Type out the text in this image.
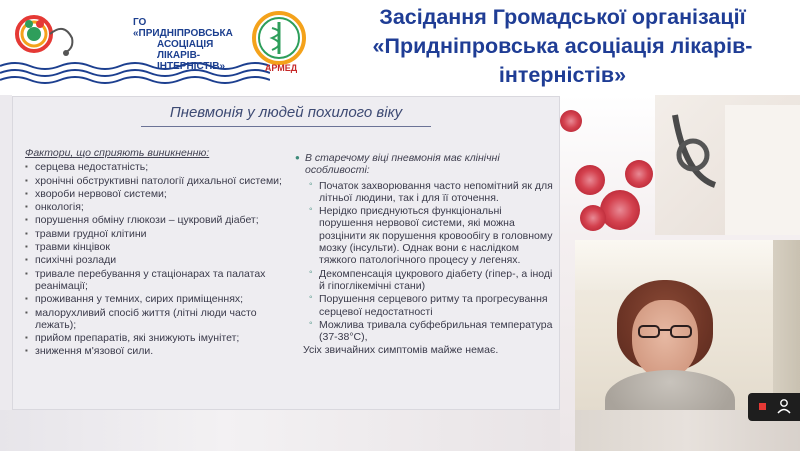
ГО «ПРИДНІПРОВСЬКА
АСОЦІАЦІЯ
ЛІКАРІВ-ІНТЕРНІСТІВ»	АРМЕД
Засідання Громадської організації
«Придніпровська асоціація лікарів-
інтерністів»
Пневмонія у людей похилого віку
Фактори, що сприяють виникненню:
▪ серцева недостатність;
▪ хронічні обструктивні патології дихальної системи;
▪ хвороби нервової системи;
▪ онкологія;
▪ порушення обміну глюкози – цукровий діабет;
▪ травми грудної клітини
▪ травми кінцівок
▪ психічні розлади
▪ тривале перебування у стаціонарах та палатах реанімації;
▪ проживання у темних, сирих приміщеннях;
▪ малорухливий спосіб життя (літні люди часто лежать);
▪ прийом препаратів, які знижують імунітет;
▪ зниження м'язової сили.
● В старечому віці пневмонія має клінічні особливості:
◦ Початок захворювання часто непомітний як для літньої людини, так і для її оточення.
◦ Нерідко приєднуються функціональні порушення нервової системи, які можна розцінити як порушення кровообігу в головному мозку (інсульти). Однак вони є наслідком тяжкого патологічного процесу у легенях.
◦ Декомпенсація цукрового діабету (гіпер-, а іноді й гіпоглікемічні стани)
◦ Порушення серцевого ритму та прогресування серцевої недостатності
◦ Можлива тривала субфебрильная температура (37-38°С),
Усіх звичайних симптомів майже немає.
